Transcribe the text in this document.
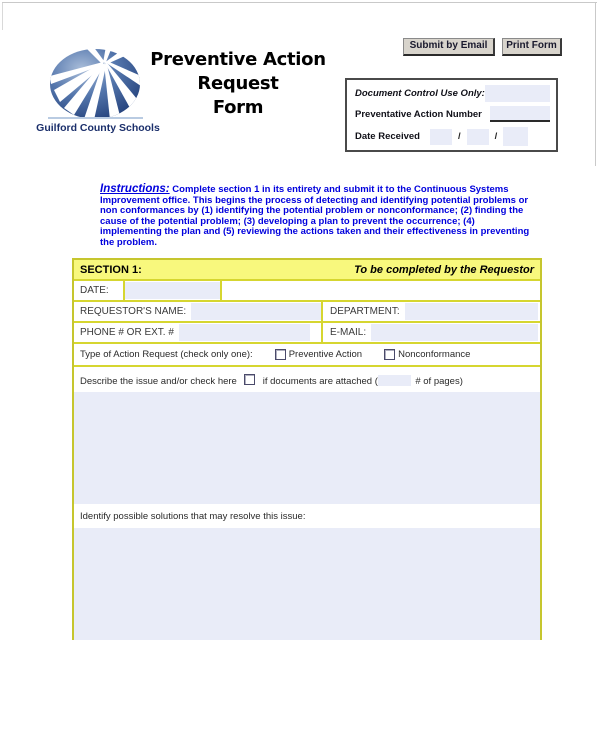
Submit by Email	Print Form
Guilford County Schools
Preventive Action
Request
Form
Document Control Use Only:
Preventative Action Number
Date Received	/	/
Instructions: Complete section 1 in its entirety and submit it to the Continuous Systems Improvement office. This begins the process of detecting and identifying potential problems or non conformances by (1) identifying the potential problem or nonconformance; (2) finding the cause of the potential problem; (3) developing a plan to prevent the occurrence; (4) implementing the plan and (5) reviewing the actions taken and their effectiveness in preventing the problem.
SECTION 1:	To be completed by the Requestor
DATE:
REQUESTOR'S NAME:	DEPARTMENT:
PHONE # OR EXT. #	E-MAIL:
Type of Action Request (check only one):	Preventive Action	Nonconformance
Describe the issue and/or check here	if documents are attached (	# of pages)
Identify possible solutions that may resolve this issue:
